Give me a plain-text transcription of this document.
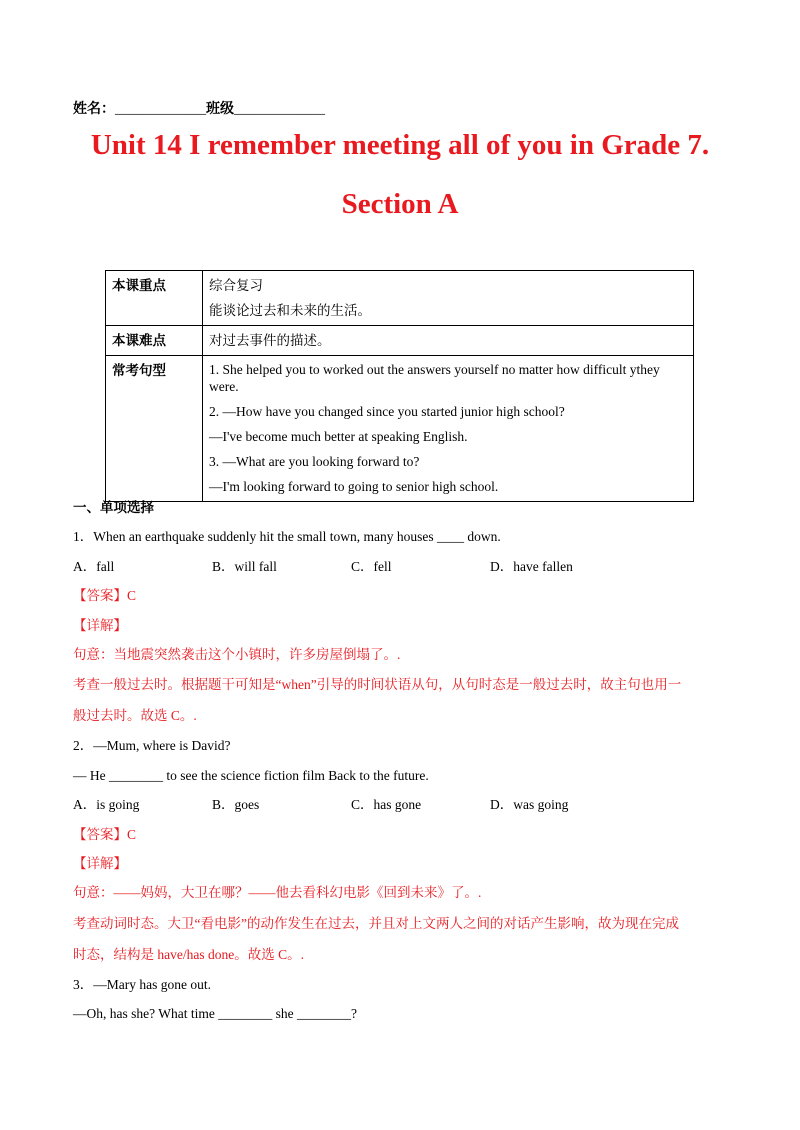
姓名：_____________班级_____________
Unit 14 I remember meeting all of you in Grade 7.
Section A
本课重点	综合复习
能谈论过去和未来的生活。

本课难点	对过去事件的描述。

常考句型	1. She helped you to worked out the answers yourself no matter how difficult ythey were.
2. —How have you changed since you started junior high school?
—I've become much better at speaking English.
3. —What are you looking forward to?
—I'm looking forward to going to senior high school.
一、单项选择
1．When an earthquake suddenly hit the small town, many houses ____ down.
A．fall	B．will fall	C．fell	D．have fallen
【答案】C
【详解】
句意：当地震突然袭击这个小镇时，许多房屋倒塌了。.
考查一般过去时。根据题干可知是“when”引导的时间状语从句，从句时态是一般过去时，故主句也用一
般过去时。故选 C。.
2．—Mum, where is David?
— He ________ to see the science fiction film Back to the future.
A．is going	B．goes	C．has gone	D．was going
【答案】C
【详解】
句意：——妈妈，大卫在哪？——他去看科幻电影《回到未来》了。.
考查动词时态。大卫“看电影”的动作发生在过去，并且对上文两人之间的对话产生影响，故为现在完成
时态，结构是 have/has done。故选 C。.
3．—Mary has gone out.
—Oh, has she? What time ________ she ________?
